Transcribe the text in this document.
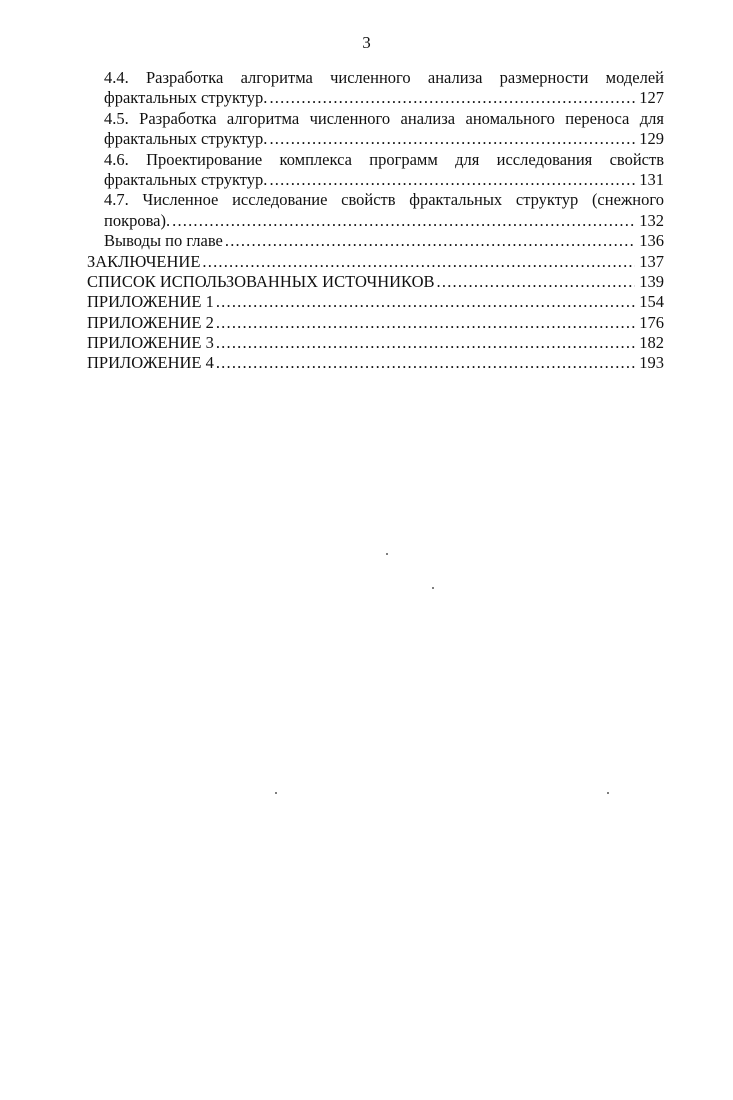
3
4.4. Разработка алгоритма численного анализа размерности моделей
фрактальных структур. .....	127
4.5. Разработка алгоритма численного анализа аномального переноса для
фрактальных структур. .....	129
4.6. Проектирование комплекса программ для исследования свойств
фрактальных структур. .....	131
4.7. Численное исследование свойств фрактальных структур (снежного
покрова). .....	132
Выводы по главе .....	136
ЗАКЛЮЧЕНИЕ .....	137
СПИСОК ИСПОЛЬЗОВАННЫХ ИСТОЧНИКОВ .....	139
ПРИЛОЖЕНИЕ 1 .....	154
ПРИЛОЖЕНИЕ 2 .....	176
ПРИЛОЖЕНИЕ 3 .....	182
ПРИЛОЖЕНИЕ 4 .....	193
